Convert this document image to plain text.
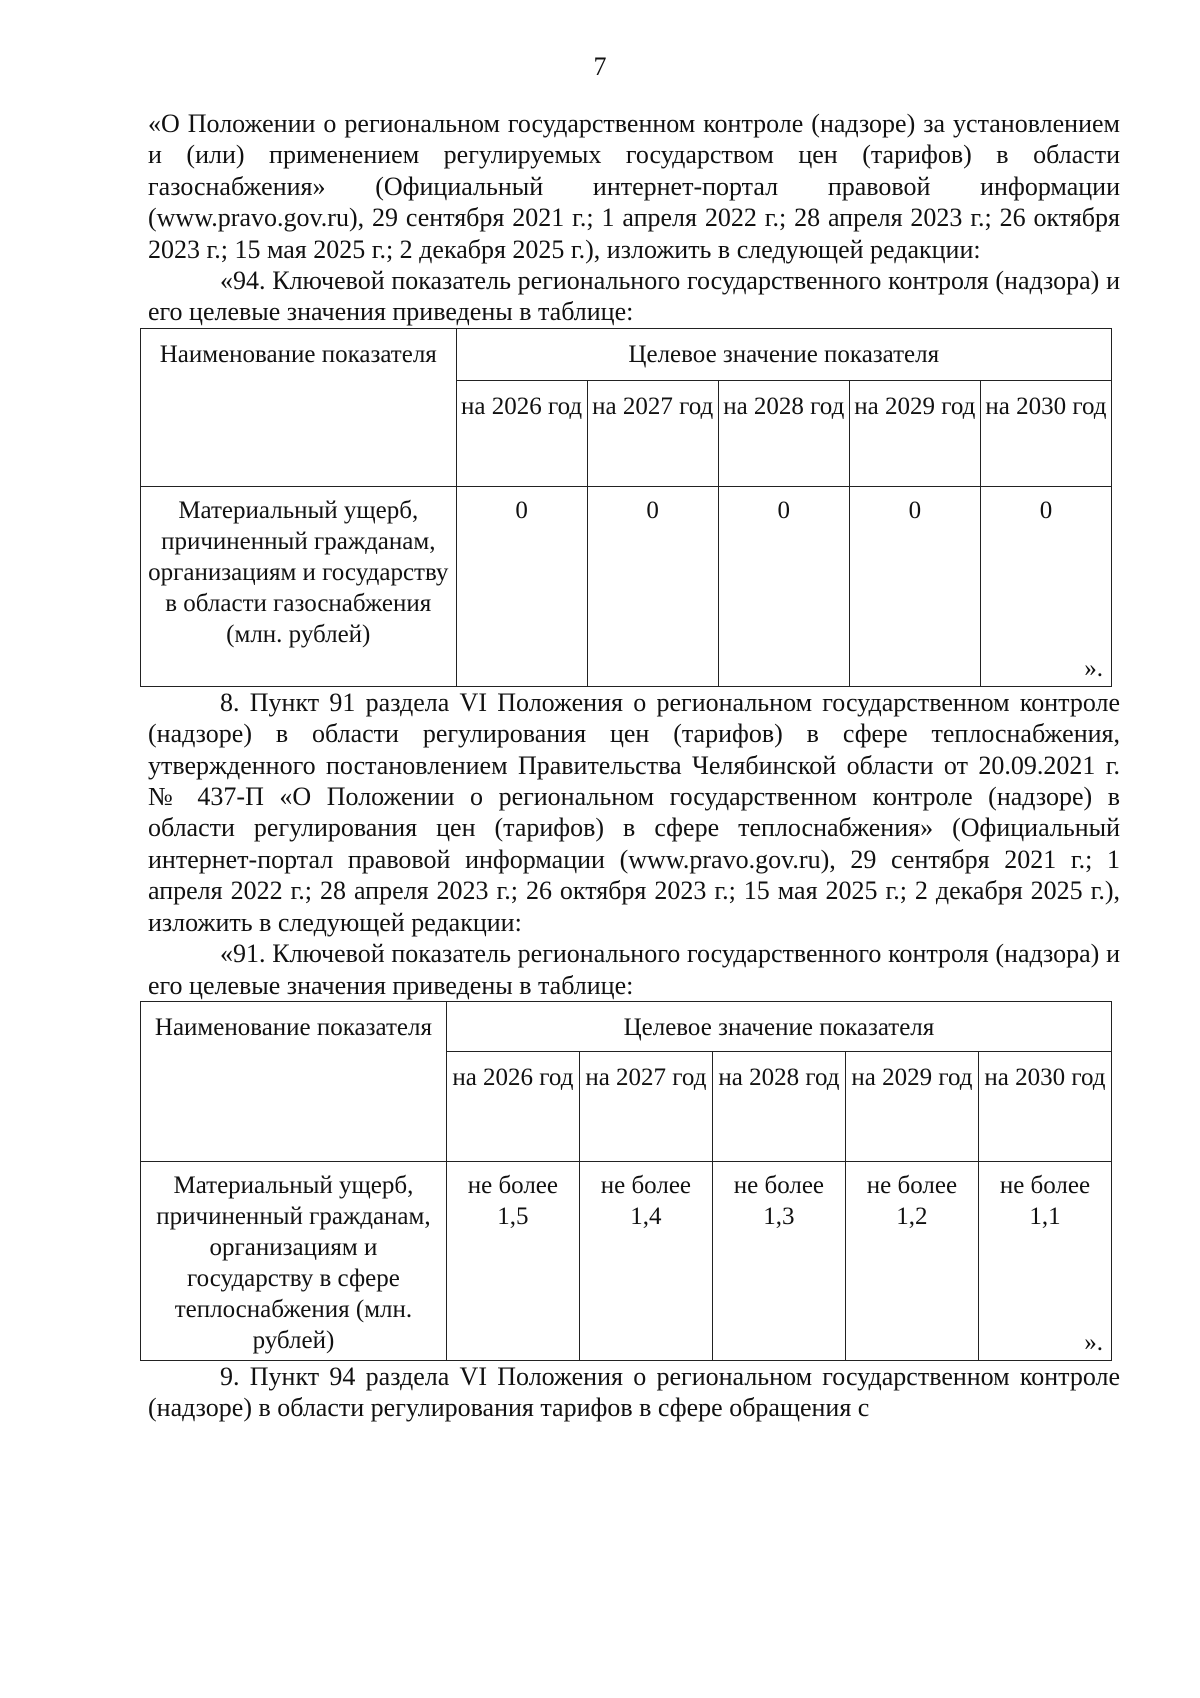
7

«О Положении о региональном государственном контроле (надзоре) за установлением и (или) применением регулируемых государством цен (тарифов) в области газоснабжения» (Официальный интернет-портал правовой информации (www.pravo.gov.ru), 29 сентября 2021 г.; 1 апреля 2022 г.; 28 апреля 2023 г.; 26 октября 2023 г.; 15 мая 2025 г.; 2 декабря 2025 г.), изложить в следующей редакции:

«94. Ключевой показатель регионального государственного контроля (надзора) и его целевые значения приведены в таблице:

Наименование показателя	Целевое значение показателя				
	на 2026 год	на 2027 год	на 2028 год	на 2029 год	на 2030 год
Материальный ущерб, причиненный гражданам, организациям и государству в области газоснабжения (млн. рублей)	0	0	0	0	0
».

8. Пункт 91 раздела VI Положения о региональном государственном контроле (надзоре) в области регулирования цен (тарифов) в сфере теплоснабжения, утвержденного постановлением Правительства Челябинской области от 20.09.2021 г. № 437-П «О Положении о региональном государственном контроле (надзоре) в области регулирования цен (тарифов) в сфере теплоснабжения» (Официальный интернет-портал правовой информации (www.pravo.gov.ru), 29 сентября 2021 г.; 1 апреля 2022 г.; 28 апреля 2023 г.; 26 октября 2023 г.; 15 мая 2025 г.; 2 декабря 2025 г.), изложить в следующей редакции:

«91. Ключевой показатель регионального государственного контроля (надзора) и его целевые значения приведены в таблице:

Наименование показателя	Целевое значение показателя				
	на 2026 год	на 2027 год	на 2028 год	на 2029 год	на 2030 год
Материальный ущерб, причиненный гражданам, организациям и государству в сфере теплоснабжения (млн. рублей)	не более 1,5	не более 1,4	не более 1,3	не более 1,2	не более 1,1
».

9. Пункт 94 раздела VI Положения о региональном государственном контроле (надзоре) в области регулирования тарифов в сфере обращения с
